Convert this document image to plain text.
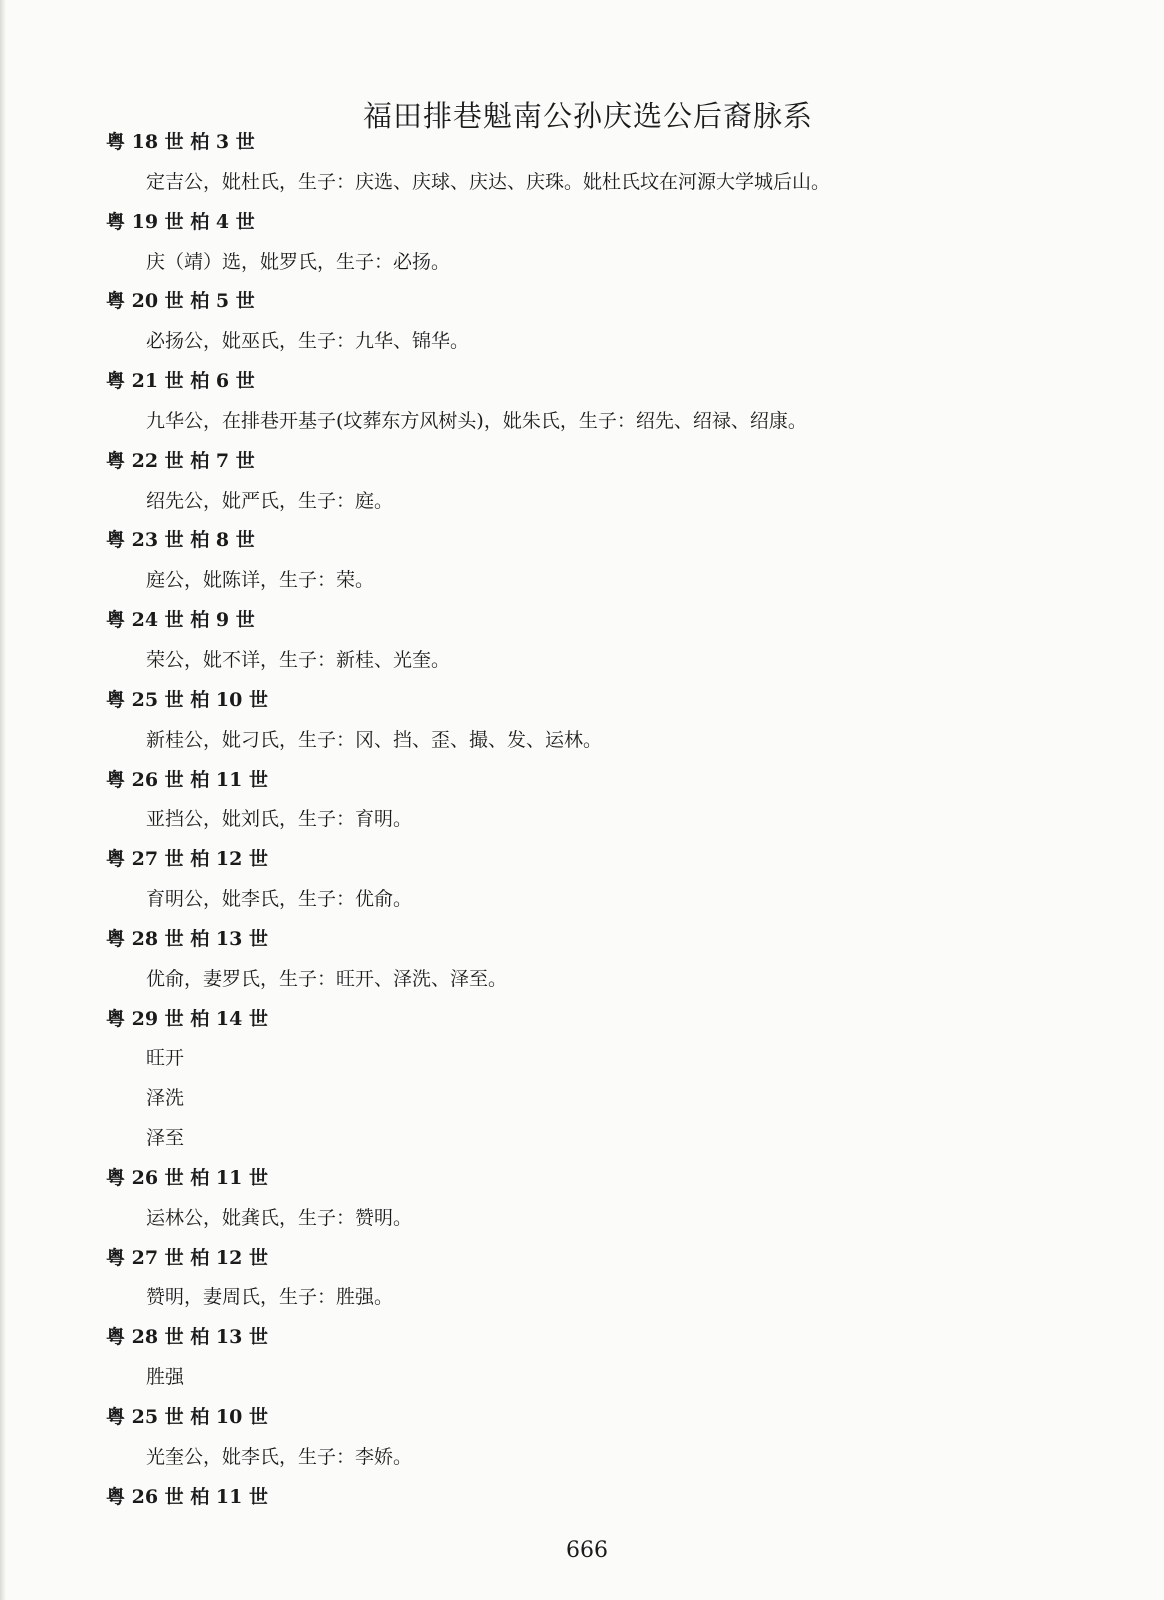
福田排巷魁南公孙庆选公后裔脉系
粤 18 世 柏 3 世
定吉公，妣杜氏，生子：庆选、庆球、庆达、庆珠。妣杜氏坟在河源大学城后山。
粤 19 世 柏 4 世
庆（靖）选，妣罗氏，生子：必扬。
粤 20 世 柏 5 世
必扬公，妣巫氏，生子：九华、锦华。
粤 21 世 柏 6 世
九华公，在排巷开基子(坟葬东方风树头)，妣朱氏，生子：绍先、绍禄、绍康。
粤 22 世 柏 7 世
绍先公，妣严氏，生子：庭。
粤 23 世 柏 8 世
庭公，妣陈详，生子：荣。
粤 24 世 柏 9 世
荣公，妣不详，生子：新桂、光奎。
粤 25 世 柏 10 世
新桂公，妣刁氏，生子：冈、挡、歪、撮、发、运林。
粤 26 世 柏 11 世
亚挡公，妣刘氏，生子：育明。
粤 27 世 柏 12 世
育明公，妣李氏，生子：优俞。
粤 28 世 柏 13 世
优俞，妻罗氏，生子：旺开、泽洗、泽至。
粤 29 世 柏 14 世
旺开
泽洗
泽至
粤 26 世 柏 11 世
运林公，妣龚氏，生子：赞明。
粤 27 世 柏 12 世
赞明，妻周氏，生子：胜强。
粤 28 世 柏 13 世
胜强
粤 25 世 柏 10 世
光奎公，妣李氏，生子：李娇。
粤 26 世 柏 11 世
666
